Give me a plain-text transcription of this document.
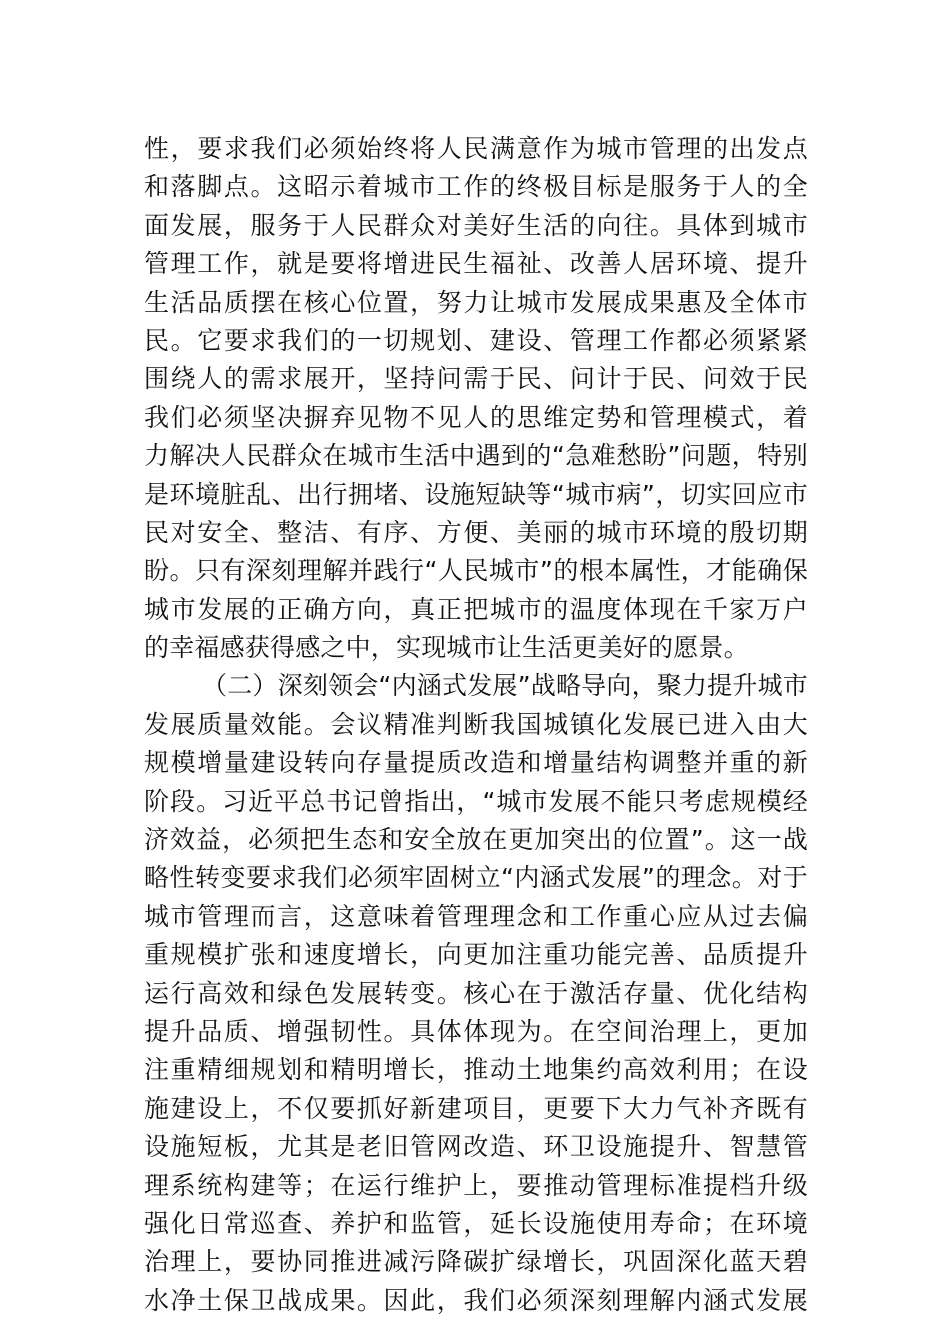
性，要求我们必须始终将人民满意作为城市管理的出发点
和落脚点。这昭示着城市工作的终极目标是服务于人的全
面发展，服务于人民群众对美好生活的向往。具体到城市
管理工作，就是要将增进民生福祉、改善人居环境、提升
生活品质摆在核心位置，努力让城市发展成果惠及全体市
民。它要求我们的一切规划、建设、管理工作都必须紧紧
围绕人的需求展开，坚持问需于民、问计于民、问效于民
我们必须坚决摒弃见物不见人的思维定势和管理模式，着
力解决人民群众在城市生活中遇到的“急难愁盼”问题，特别
是环境脏乱、出行拥堵、设施短缺等“城市病”，切实回应市
民对安全、整洁、有序、方便、美丽的城市环境的殷切期
盼。只有深刻理解并践行“人民城市”的根本属性，才能确保
城市发展的正确方向，真正把城市的温度体现在千家万户
的幸福感获得感之中，实现城市让生活更美好的愿景。
（二）深刻领会“内涵式发展”战略导向，聚力提升城市
发展质量效能。会议精准判断我国城镇化发展已进入由大
规模增量建设转向存量提质改造和增量结构调整并重的新
阶段。习近平总书记曾指出，“城市发展不能只考虑规模经
济效益，必须把生态和安全放在更加突出的位置”。这一战
略性转变要求我们必须牢固树立“内涵式发展”的理念。对于
城市管理而言，这意味着管理理念和工作重心应从过去偏
重规模扩张和速度增长，向更加注重功能完善、品质提升
运行高效和绿色发展转变。核心在于激活存量、优化结构
提升品质、增强韧性。具体体现为。在空间治理上，更加
注重精细规划和精明增长，推动土地集约高效利用；在设
施建设上，不仅要抓好新建项目，更要下大力气补齐既有
设施短板，尤其是老旧管网改造、环卫设施提升、智慧管
理系统构建等；在运行维护上，要推动管理标准提档升级
强化日常巡查、养护和监管，延长设施使用寿命；在环境
治理上，要协同推进减污降碳扩绿增长，巩固深化蓝天碧
水净土保卫战成果。因此，我们必须深刻理解内涵式发展
